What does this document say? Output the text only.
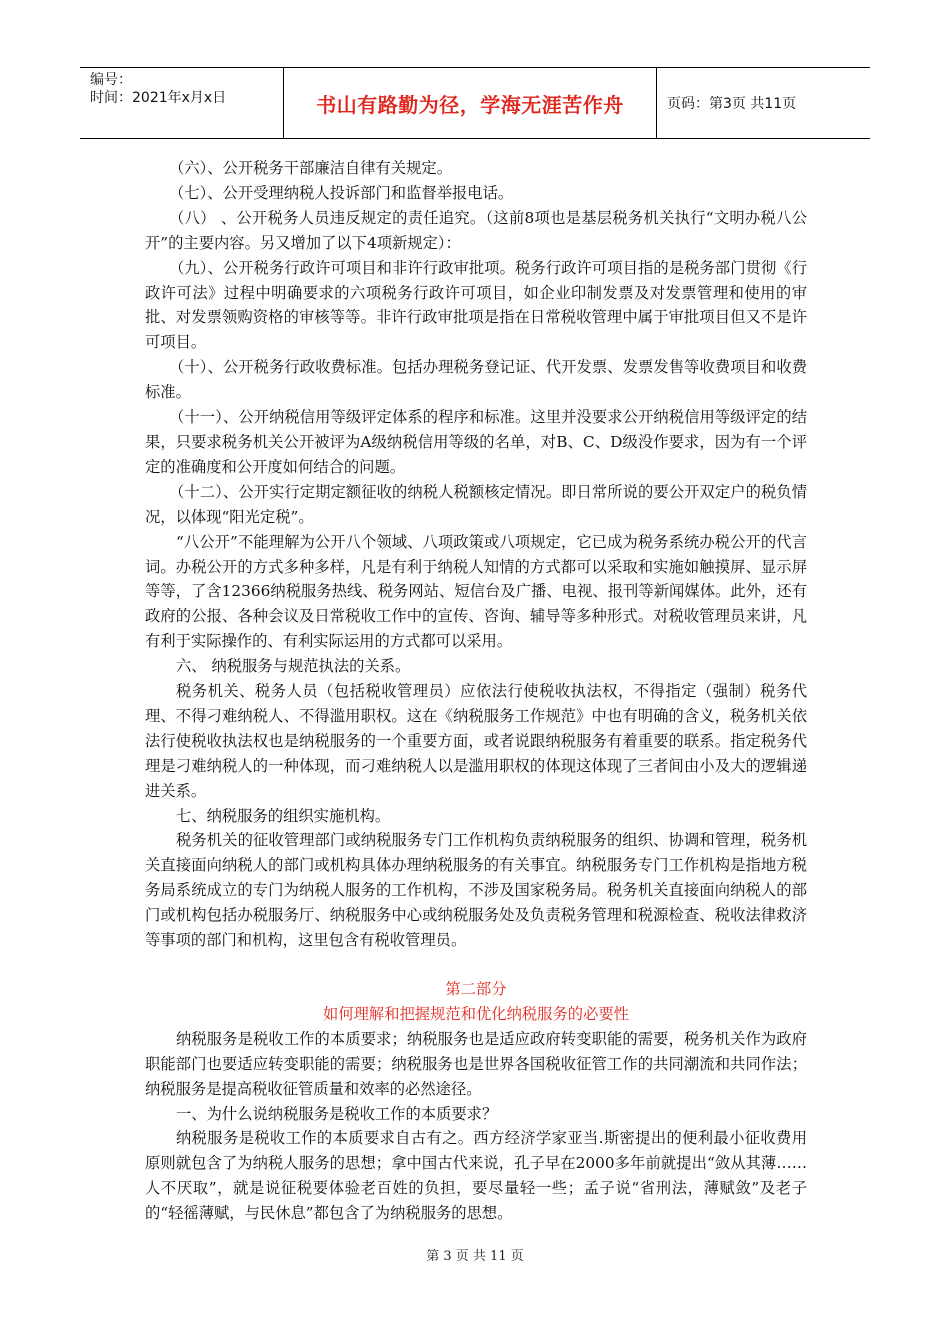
编号：
时间：2021年x月x日	书山有路勤为径，学海无涯苦作舟	页码：第3页 共11页

（六）、公开税务干部廉洁自律有关规定。

（七）、公开受理纳税人投诉部门和监督举报电话。

（八） 、公开税务人员违反规定的责任追究。（这前8项也是基层税务机关执行“文明办税八公开”的主要内容。另又增加了以下4项新规定）：

（九）、公开税务行政许可项目和非许行政审批项。税务行政许可项目指的是税务部门贯彻《行政许可法》过程中明确要求的六项税务行政许可项目，如企业印制发票及对发票管理和使用的审批、对发票领购资格的审核等等。非许行政审批项是指在日常税收管理中属于审批项目但又不是许可项目。

（十）、公开税务行政收费标准。包括办理税务登记证、代开发票、发票发售等收费项目和收费标准。

（十一）、公开纳税信用等级评定体系的程序和标准。这里并没要求公开纳税信用等级评定的结果，只要求税务机关公开被评为A级纳税信用等级的名单，对B、C、D级没作要求，因为有一个评定的准确度和公开度如何结合的问题。

（十二）、公开实行定期定额征收的纳税人税额核定情况。即日常所说的要公开双定户的税负情况，以体现“阳光定税”。

“八公开”不能理解为公开八个领域、八项政策或八项规定，它已成为税务系统办税公开的代言词。办税公开的方式多种多样，凡是有利于纳税人知情的方式都可以采取和实施如触摸屏、显示屏等等，了含12366纳税服务热线、税务网站、短信台及广播、电视、报刊等新闻媒体。此外，还有政府的公报、各种会议及日常税收工作中的宣传、咨询、辅导等多种形式。对税收管理员来讲，凡有利于实际操作的、有利实际运用的方式都可以采用。

六、 纳税服务与规范执法的关系。

税务机关、税务人员（包括税收管理员）应依法行使税收执法权，不得指定（强制）税务代理、不得刁难纳税人、不得滥用职权。这在《纳税服务工作规范》中也有明确的含义，税务机关依法行使税收执法权也是纳税服务的一个重要方面，或者说跟纳税服务有着重要的联系。指定税务代理是刁难纳税人的一种体现，而刁难纳税人以是滥用职权的体现这体现了三者间由小及大的逻辑递进关系。

七、纳税服务的组织实施机构。

税务机关的征收管理部门或纳税服务专门工作机构负责纳税服务的组织、协调和管理，税务机关直接面向纳税人的部门或机构具体办理纳税服务的有关事宜。纳税服务专门工作机构是指地方税务局系统成立的专门为纳税人服务的工作机构，不涉及国家税务局。税务机关直接面向纳税人的部门或机构包括办税服务厅、纳税服务中心或纳税服务处及负责税务管理和税源检查、税收法律救济等事项的部门和机构，这里包含有税收管理员。

第二部分

如何理解和把握规范和优化纳税服务的必要性

纳税服务是税收工作的本质要求；纳税服务也是适应政府转变职能的需要，税务机关作为政府职能部门也要适应转变职能的需要；纳税服务也是世界各国税收征管工作的共同潮流和共同作法；纳税服务是提高税收征管质量和效率的必然途径。

一、为什么说纳税服务是税收工作的本质要求？

纳税服务是税收工作的本质要求自古有之。西方经济学家亚当.斯密提出的便利最小征收费用原则就包含了为纳税人服务的思想；拿中国古代来说，孔子早在2000多年前就提出“敛从其薄……人不厌取”，就是说征税要体验老百姓的负担，要尽量轻一些；孟子说“省刑法，薄赋敛”及老子的“轻徭薄赋，与民休息”都包含了为纳税服务的思想。

第 3 页 共 11 页
